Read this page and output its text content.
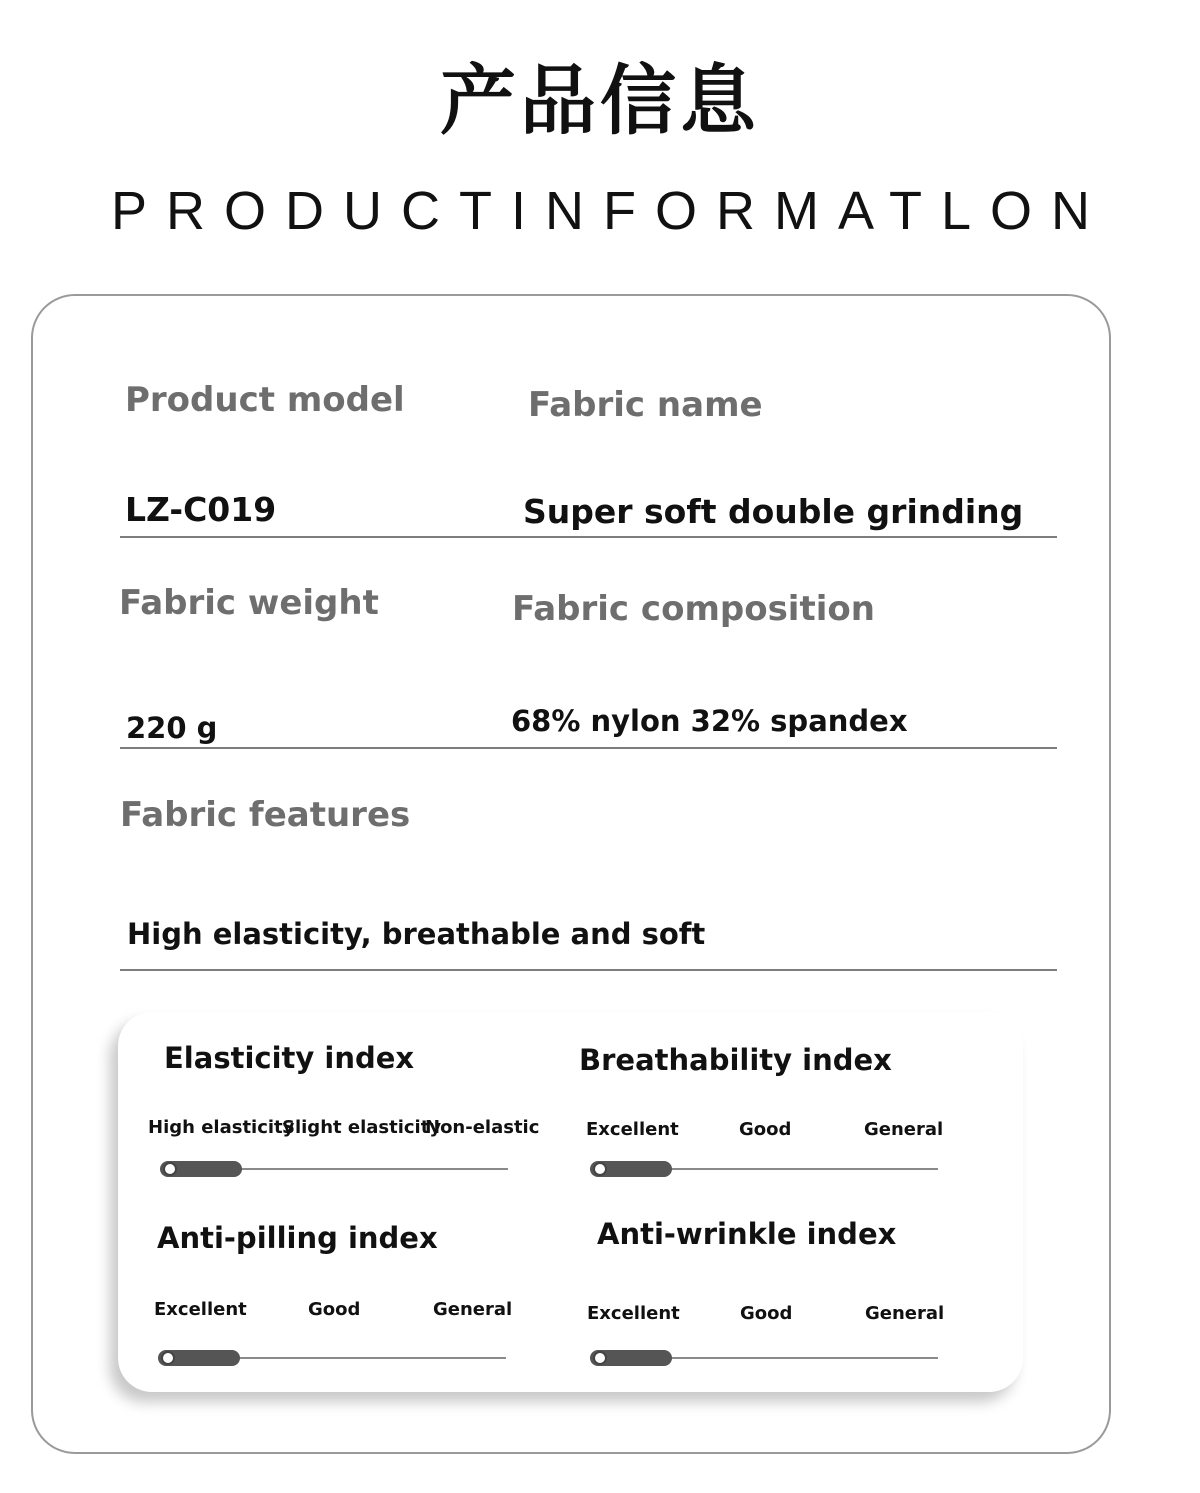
产品信息
PRODUCTINFORMATLON
Product model	Fabric name
LZ-C019	Super soft double grinding
Fabric weight	Fabric composition
220 g	68% nylon 32% spandex
Fabric features
High elasticity, breathable and soft
Elasticity index
High elasticity
Slight elasticity
Non-elastic
Breathability index
Excellent	Good	General
Anti-pilling index
Excellent	Good	General
Anti-wrinkle index
Excellent	Good	General
